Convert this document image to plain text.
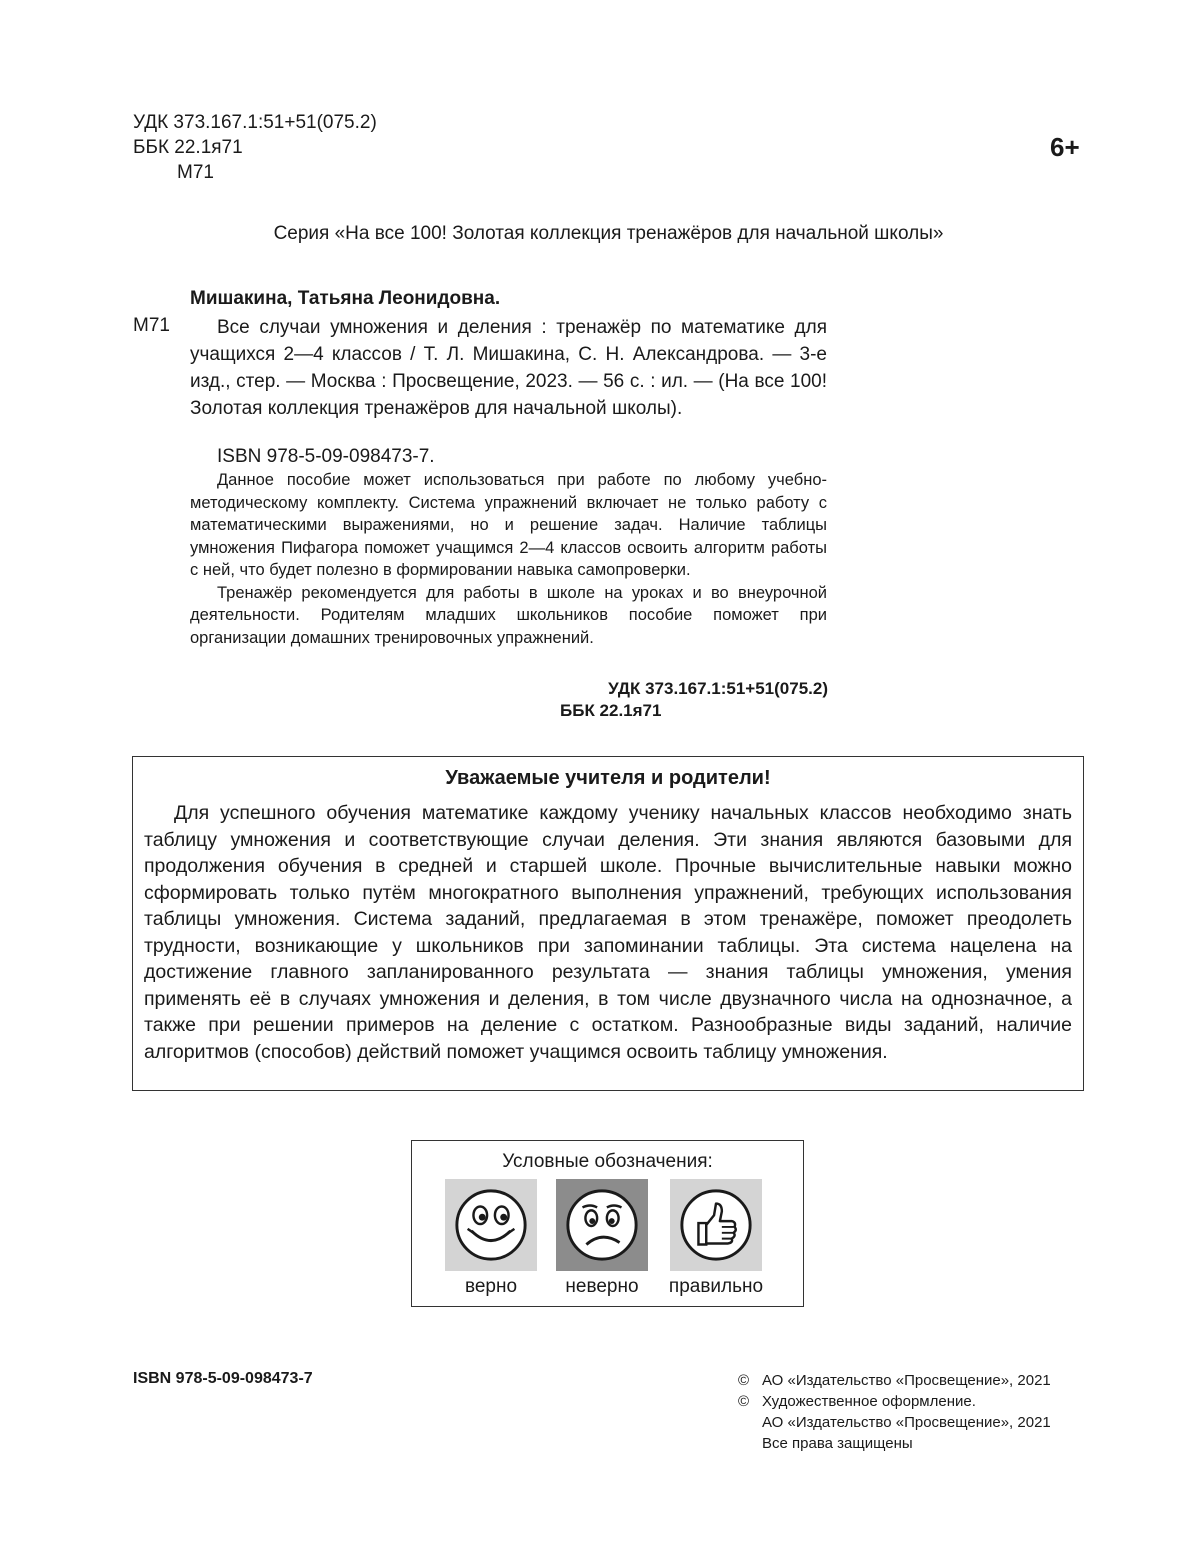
УДК 373.167.1:51+51(075.2)
ББК 22.1я71
М71
6+
Серия «На все 100! Золотая коллекция тренажёров для начальной школы»
Мишакина, Татьяна Леонидовна.
М71	Все случаи умножения и деления : тренажёр по математике для учащихся 2—4 классов / Т. Л. Мишакина, С. Н. Александрова. — 3-е изд., стер. — Москва : Просвещение, 2023. — 56 с. : ил. — (На все 100! Золотая коллекция тренажёров для начальной школы).

ISBN 978-5-09-098473-7.

Данное пособие может использоваться при работе по любому учебно-методическому комплекту. Система упражнений включает не только работу с математическими выражениями, но и решение задач. Наличие таблицы умножения Пифагора поможет учащимся 2—4 классов освоить алгоритм работы с ней, что будет полезно в формировании навыка самопроверки.

Тренажёр рекомендуется для работы в школе на уроках и во внеурочной деятельности. Родителям младших школьников пособие поможет при организации домашних тренировочных упражнений.

УДК 373.167.1:51+51(075.2)
ББК 22.1я71
Уважаемые учителя и родители!

Для успешного обучения математике каждому ученику начальных классов необходимо знать таблицу умножения и соответствующие случаи деления. Эти знания являются базовыми для продолжения обучения в средней и старшей школе. Прочные вычислительные навыки можно сформировать только путём многократного выполнения упражнений, требующих использования таблицы умножения. Система заданий, предлагаемая в этом тренажёре, поможет преодолеть трудности, возникающие у школьников при запоминании таблицы. Эта система нацелена на достижение главного запланированного результата — знания таблицы умножения, умения применять её в случаях умножения и деления, в том числе двузначного числа на однозначное, а также при решении примеров на деление с остатком. Разнообразные виды заданий, наличие алгоритмов (способов) действий поможет учащимся освоить таблицу умножения.

Условные обозначения:
верно	неверно	правильно
ISBN 978-5-09-098473-7	© АО «Издательство «Просвещение», 2021
© Художественное оформление.
АО «Издательство «Просвещение», 2021
Все права защищены
